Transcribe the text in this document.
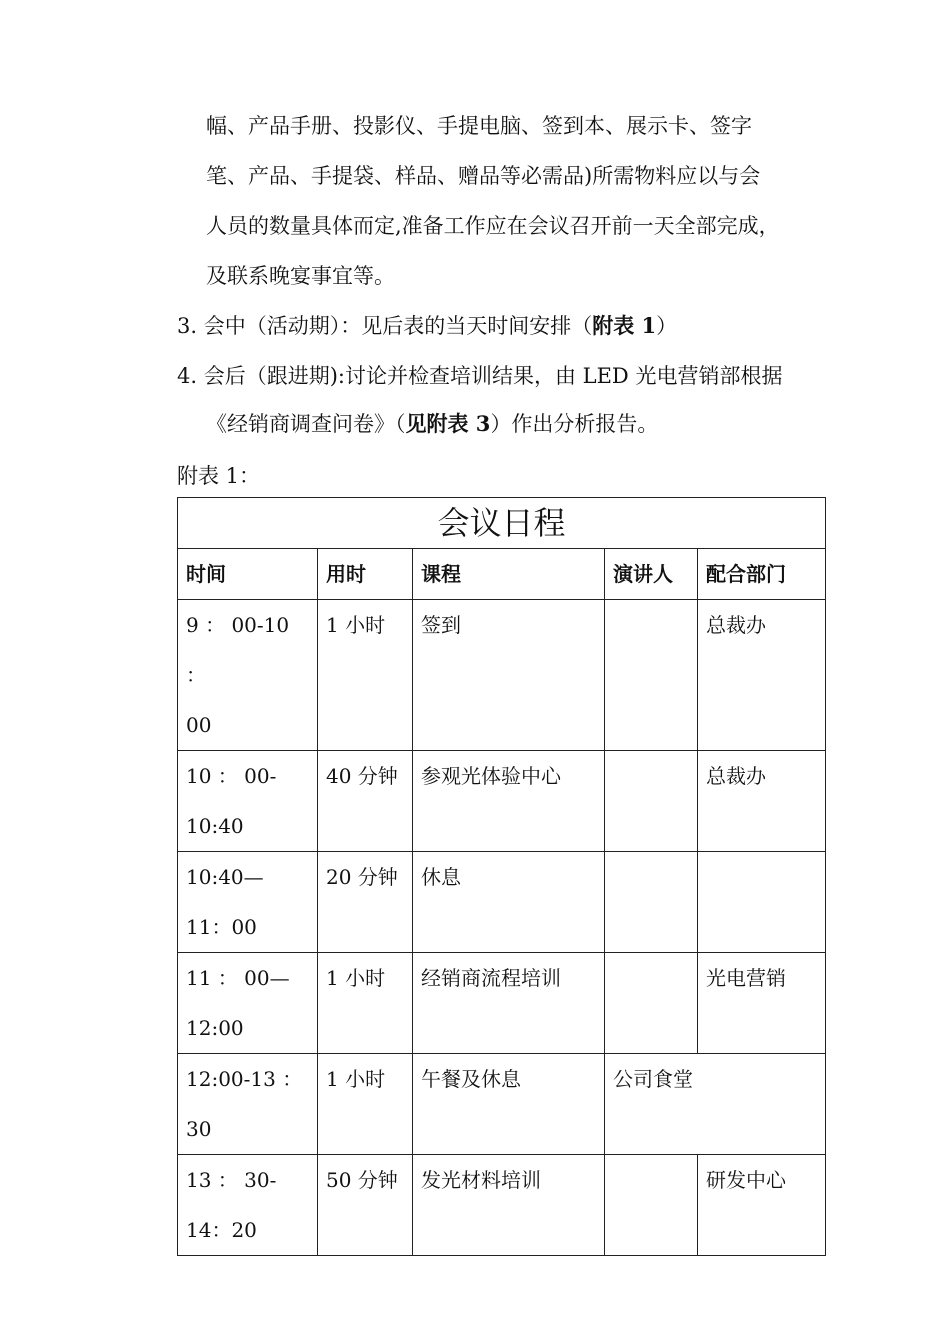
幅、产品手册、投影仪、手提电脑、签到本、展示卡、签字
笔、产品、手提袋、样品、赠品等必需品)所需物料应以与会
人员的数量具体而定,准备工作应在会议召开前一天全部完成，
及联系晚宴事宜等。
3. 会中（活动期）：见后表的当天时间安排（附表 1）
4. 会后（跟进期):讨论并检查培训结果，由 LED 光电营销部根据
《经销商调查问卷》（见附表 3）作出分析报告。
附表 1：
会议日程				
时间	用时	课程	演讲人	配合部门

9 ： 00-10 ：
00	1 小时	签到		总裁办

10 ： 00-
10:40	40 分钟	参观光体验中心		总裁办

10:40—
11：00	20 分钟	休息		

11 ： 00—
12:00	1 小时	经销商流程培训		光电营销

12:00-13 ：
30	1 小时	午餐及休息	公司食堂	

13 ： 30-
14：20	50 分钟	发光材料培训		研发中心
